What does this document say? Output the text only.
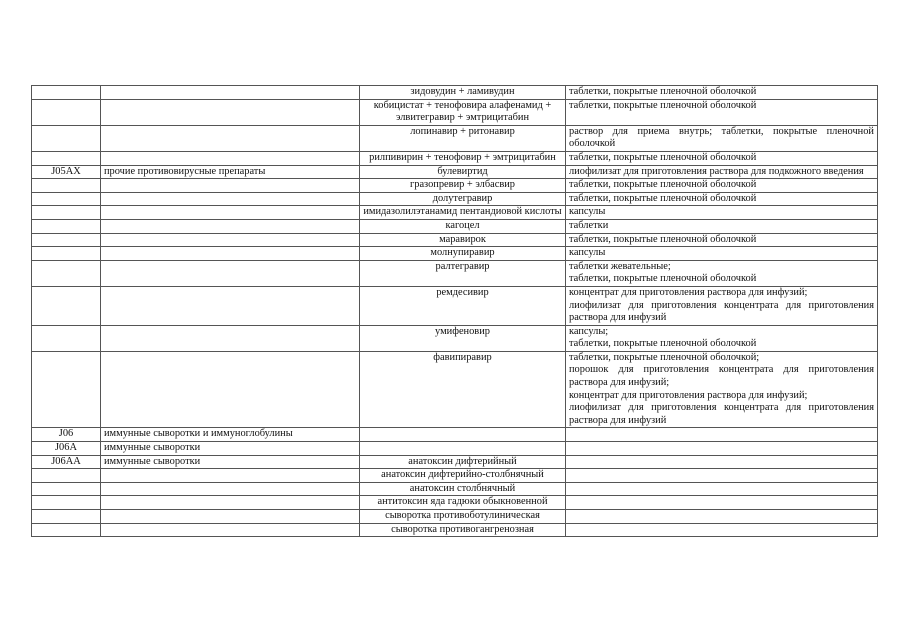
		зидовудин + ламивудин	таблетки, покрытые пленочной оболочкой

		кобицистат + тенофовира алафенамид + элвитегравир + эмтрицитабин	таблетки, покрытые пленочной оболочкой

		лопинавир + ритонавир	раствор для приема внутрь; таблетки, покрытые пленочной оболочкой

		рилпивирин + тенофовир + эмтрицитабин	таблетки, покрытые пленочной оболочкой

J05AX	прочие противовирусные препараты	булевиртид	лиофилизат для приготовления раствора для подкожного введения

		гразопревир + элбасвир	таблетки, покрытые пленочной оболочкой

		долутегравир	таблетки, покрытые пленочной оболочкой

		имидазолилэтанамид пентандиовой кислоты	капсулы

		кагоцел	таблетки

		маравирок	таблетки, покрытые пленочной оболочкой

		молнупиравир	капсулы

		ралтегравир	таблетки жевательные;
таблетки, покрытые пленочной оболочкой

		ремдесивир	концентрат для приготовления раствора для инфузий;
лиофилизат для приготовления концентрата для приготовления раствора для инфузий

		умифеновир	капсулы;
таблетки, покрытые пленочной оболочкой

		фавипиравир	таблетки, покрытые пленочной оболочкой;
порошок для приготовления концентрата для приготовления раствора для инфузий;
концентрат для приготовления раствора для инфузий;
лиофилизат для приготовления концентрата для приготовления раствора для инфузий

J06	иммунные сыворотки и иммуноглобулины		
J06A	иммунные сыворотки		
J06AA	иммунные сыворотки	анатоксин дифтерийный	
		анатоксин дифтерийно-столбнячный	
		анатоксин столбнячный	
		антитоксин яда гадюки обыкновенной	
		сыворотка противоботулиническая	
		сыворотка противогангренозная	
